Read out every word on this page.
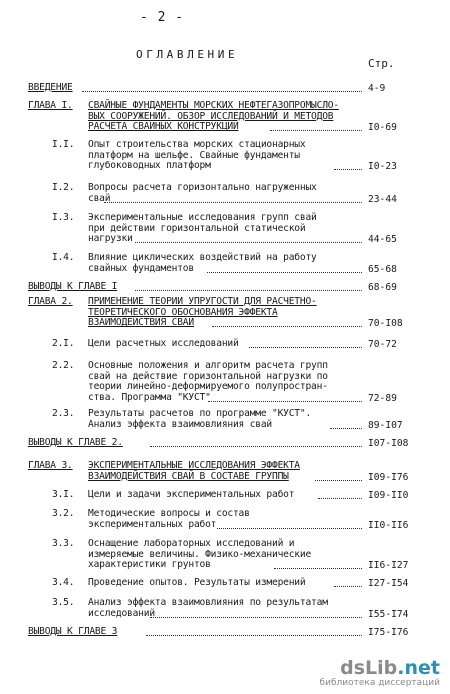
- 2 -
ОГЛАВЛЕНИЕ
Стр.
ВВЕДЕНИЕ	4-9
ГЛАВА I. СВАЙНЫЕ ФУНДАМЕНТЫ МОРСКИХ НЕФТЕГАЗОПРОМЫСЛО-
ВЫХ СООРУЖЕНИЙ. ОБЗОР ИССЛЕДОВАНИЙ И МЕТОДОВ
РАСЧЕТА СВАЙНЫХ КОНСТРУКЦИЙ	I0-69
I.I. Опыт строительства морских стационарных
платформ на шельфе. Свайные фундаменты
глубоководных платформ	I0-23
I.2. Вопросы расчета горизонтально нагруженных
свай	23-44
I.3. Экспериментальные исследования групп свай
при действии горизонтальной статической
нагрузки	44-65
I.4. Влияние циклических воздействий на работу
свайных фундаментов	65-68
ВЫВОДЫ К ГЛАВЕ I	68-69
ГЛАВА 2. ПРИМЕНЕНИЕ ТЕОРИИ УПРУГОСТИ ДЛЯ РАСЧЕТНО-
ТЕОРЕТИЧЕСКОГО ОБОСНОВАНИЯ ЭФФЕКТА
ВЗАИМОДЕЙСТВИЯ СВАЙ	70-I08
2.I. Цели расчетных исследований	70-72
2.2. Основные положения и алгоритм расчета групп
свай на действие горизонтальной нагрузки по
теории линейно-деформируемого полупростран-
ства. Программа "КУСТ"	72-89
2.3. Результаты расчетов по программе "КУСТ".
Анализ эффекта взаимовлияния свай	89-I07
ВЫВОДЫ К ГЛАВЕ 2.	I07-I08
ГЛАВА 3. ЭКСПЕРИМЕНТАЛЬНЫЕ ИССЛЕДОВАНИЯ ЭФФЕКТА
ВЗАИМОДЕЙСТВИЯ СВАЙ В СОСТАВЕ ГРУППЫ	I09-I76
3.I. Цели и задачи экспериментальных работ	I09-II0
3.2. Методические вопросы и состав
экспериментальных работ	II0-II6
3.3. Оснащение лабораторных исследований и
измеряемые величины. Физико-механические
характеристики грунтов	II6-I27
3.4. Проведение опытов. Результаты измерений	I27-I54
3.5. Анализ эффекта взаимовлияния по результатам
исследований	I55-I74
ВЫВОДЫ К ГЛАВЕ 3	I75-I76
dsLib.net
библиотека диссертаций
